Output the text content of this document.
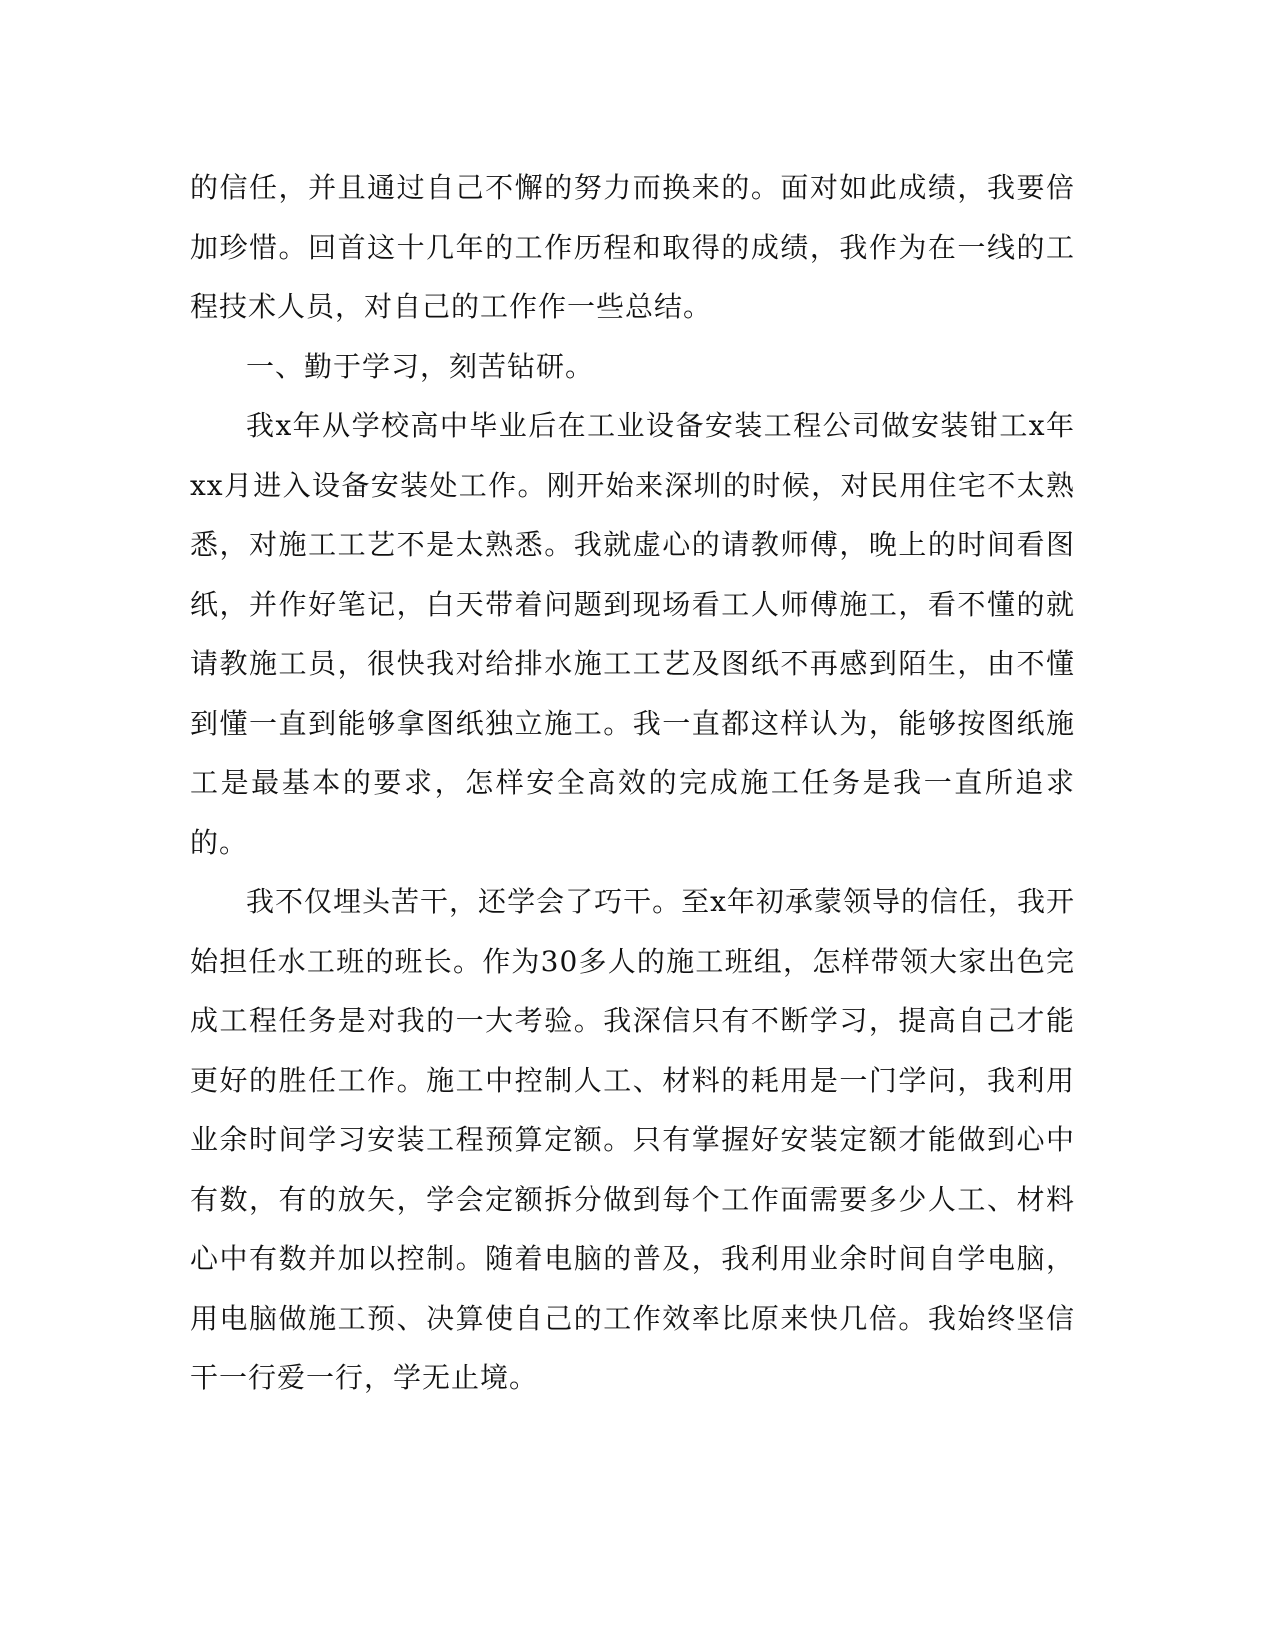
的信任，并且通过自己不懈的努力而换来的。面对如此成绩，我要倍加珍惜。回首这十几年的工作历程和取得的成绩，我作为在一线的工程技术人员，对自己的工作作一些总结。

一、勤于学习，刻苦钻研。

我x年从学校高中毕业后在工业设备安装工程公司做安装钳工x年xx月进入设备安装处工作。刚开始来深圳的时候，对民用住宅不太熟悉，对施工工艺不是太熟悉。我就虚心的请教师傅，晚上的时间看图纸，并作好笔记，白天带着问题到现场看工人师傅施工，看不懂的就请教施工员，很快我对给排水施工工艺及图纸不再感到陌生，由不懂到懂一直到能够拿图纸独立施工。我一直都这样认为，能够按图纸施工是最基本的要求，怎样安全高效的完成施工任务是我一直所追求的。

我不仅埋头苦干，还学会了巧干。至x年初承蒙领导的信任，我开始担任水工班的班长。作为30多人的施工班组，怎样带领大家出色完成工程任务是对我的一大考验。我深信只有不断学习，提高自己才能更好的胜任工作。施工中控制人工、材料的耗用是一门学问，我利用业余时间学习安装工程预算定额。只有掌握好安装定额才能做到心中有数，有的放矢，学会定额拆分做到每个工作面需要多少人工、材料心中有数并加以控制。随着电脑的普及，我利用业余时间自学电脑，用电脑做施工预、决算使自己的工作效率比原来快几倍。我始终坚信干一行爱一行，学无止境。
